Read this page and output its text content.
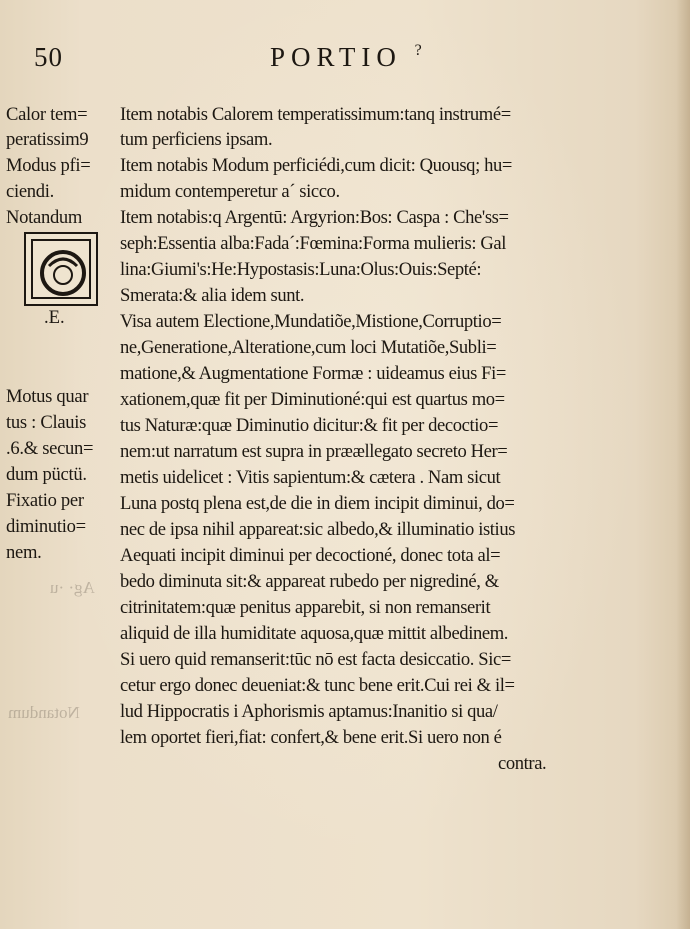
50	PORTIO ?
Notandum
Ag· ·u
Calor tem=
peratissim9
Modus pfi=
ciendi.
Notandum
.E.
Motus quar
tus : Clauis
.6.& secun=
dum püctü.
Fixatio per
diminutio=
nem.
Item notabis Calorem temperatissimum:tanq instrumé=
tum perficiens ipsam.
Item notabis Modum perficiédi,cum dicit: Quousq; hu=
midum contemperetur a´ sicco.
Item notabis:q Argentū: Argyrion:Bos: Caspa : Che'ss=
seph:Essentia alba:Fada´:Fœmina:Forma mulieris: Gal
lina:Giumi's:He:Hypostasis:Luna:Olus:Ouis:Septé:
Smerata:& alia idem sunt.
Visa autem Electione,Mundatiõe,Mistione,Corruptio=
ne,Generatione,Alteratione,cum loci Mutatiõe,Subli=
matione,& Augmentatione Formæ : uideamus eius Fi=
xationem,quæ fit per Diminutioné:qui est quartus mo=
tus Naturæ:quæ Diminutio dicitur:& fit per decoctio=
nem:ut narratum est supra in præællegato secreto Her=
metis uidelicet : Vitis sapientum:& cætera . Nam sicut
Luna postq plena est,de die in diem incipit diminui, do=
nec de ipsa nihil appareat:sic albedo,& illuminatio istius
Aequati incipit diminui per decoctioné, donec tota al=
bedo diminuta sit:& appareat rubedo per nigrediné, &
citrinitatem:quæ penitus apparebit, si non remanserit
aliquid de illa humiditate aquosa,quæ mittit albedinem.
Si uero quid remanserit:tūc nō est facta desiccatio. Sic=
cetur ergo donec deueniat:& tunc bene erit.Cui rei & il=
lud Hippocratis i Aphorismis aptamus:Inanitio si qua/
lem oportet fieri,fiat: confert,& bene erit.Si uero non é
contra.
